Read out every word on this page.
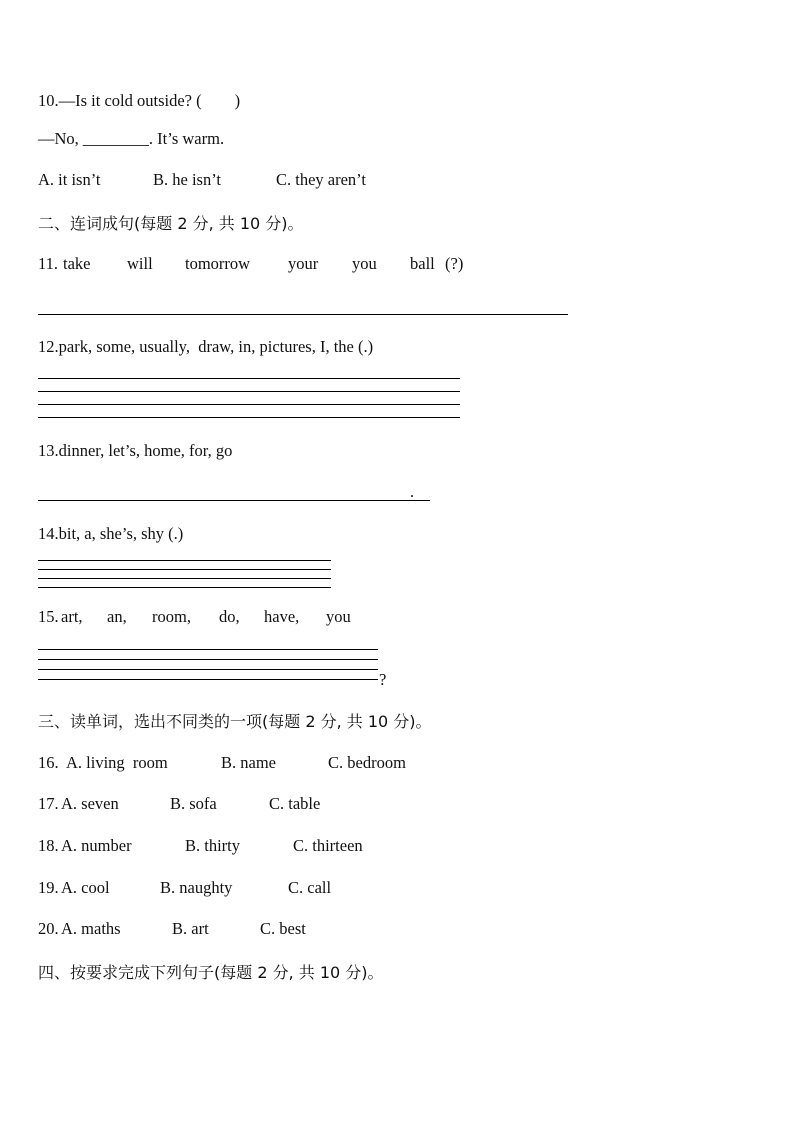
10.—Is it cold outside? (　　)
—No, ________. It’s warm.
A. it isn’t	B. he isn’t	C. they aren’t
二、连词成句(每题 2 分, 共 10 分)。
11. take will tomorrow your you ball (?)
12.park, some, usually,  draw, in, pictures, I, the (.)
13.dinner, let’s, home, for, go
.
14.bit, a, she’s, shy (.)
15. art, an, room, do, have, you
?
三、读单词，选出不同类的一项(每题 2 分, 共 10 分)。
16. A. living  room	B. name	C. bedroom
17. A. seven	B. sofa	C. table
18. A. number	B. thirty	C. thirteen
19. A. cool	B. naughty	C. call
20. A. maths	B. art	C. best
四、按要求完成下列句子(每题 2 分, 共 10 分)。
